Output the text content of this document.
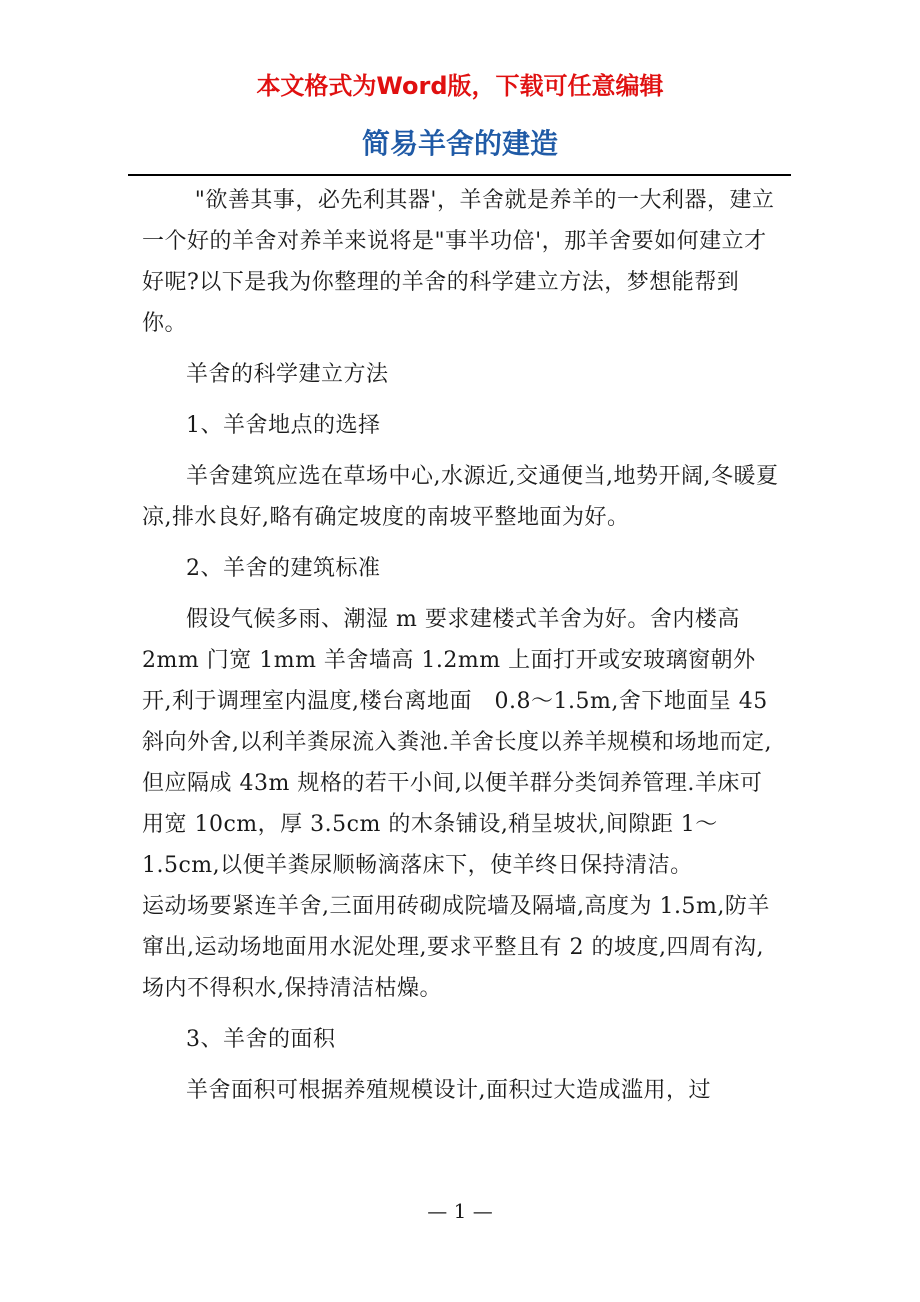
本文格式为Word版，下载可任意编辑
简易羊舍的建造

"欲善其事，必先利其器'，羊舍就是养羊的一大利器，建立一个好的羊舍对养羊来说将是"事半功倍'，那羊舍要如何建立才好呢?以下是我为你整理的羊舍的科学建立方法，梦想能帮到你。

羊舍的科学建立方法

1、羊舍地点的选择

羊舍建筑应选在草场中心,水源近,交通便当,地势开阔,冬暖夏凉,排水良好,略有确定坡度的南坡平整地面为好。

2、羊舍的建筑标准

假设气候多雨、潮湿 m 要求建楼式羊舍为好。舍内楼高 2mm 门宽 1mm 羊舍墙高 1.2mm 上面打开或安玻璃窗朝外开,利于调理室内温度,楼台离地面　0.8～1.5m,舍下地面呈 45 斜向外舍,以利羊粪尿流入粪池.羊舍长度以养羊规模和场地而定,但应隔成 43m 规格的若干小间,以便羊群分类饲养管理.羊床可用宽 10cm，厚 3.5cm 的木条铺设,稍呈坡状,间隙距 1～1.5cm,以便羊粪尿顺畅滴落床下，使羊终日保持清洁。

运动场要紧连羊舍,三面用砖砌成院墙及隔墙,高度为 1.5m,防羊窜出,运动场地面用水泥处理,要求平整且有 2 的坡度,四周有沟,场内不得积水,保持清洁枯燥。

3、羊舍的面积

羊舍面积可根据养殖规模设计,面积过大造成滥用，过

— 1 —
